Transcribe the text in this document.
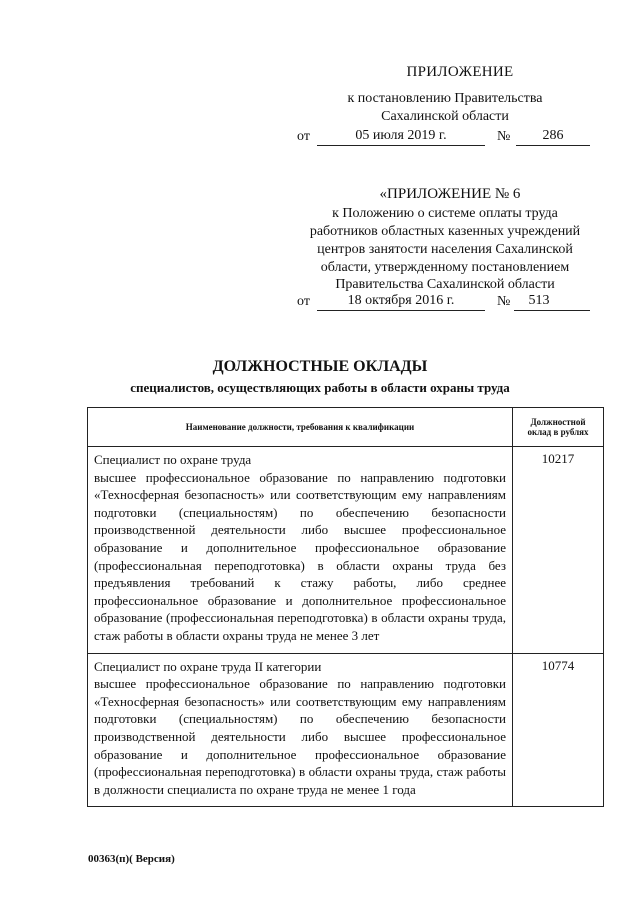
ПРИЛОЖЕНИЕ
к постановлению Правительства
Сахалинской области
от	05 июля 2019 г.	№	286
«ПРИЛОЖЕНИЕ № 6
к Положению о системе оплаты труда
работников областных казенных учреждений
центров занятости населения Сахалинской
области, утвержденному постановлением
Правительства Сахалинской области
от	18 октября 2016 г.	№	513
ДОЛЖНОСТНЫЕ ОКЛАДЫ
специалистов, осуществляющих работы в области охраны труда
Наименование должности, требования к квалификации	Должностной
оклад в рублях

Специалист по охране труда
высшее профессиональное образование по направлению подготовки «Техносферная безопасность» или соответствующим ему направлениям подготовки (специальностям) по обеспечению безопасности производственной деятельности либо высшее профессиональное образование и дополнительное профессиональное образование (профессиональная переподготовка) в области охраны труда без предъявления требований к стажу работы, либо среднее профессиональное образование и дополнительное профессиональное образование (профессиональная переподготовка) в области охраны труда, стаж работы в области охраны труда не менее 3 лет	10217

Специалист по охране труда II категории
высшее профессиональное образование по направлению подготовки «Техносферная безопасность» или соответствующим ему направлениям подготовки (специальностям) по обеспечению безопасности производственной деятельности либо высшее профессиональное образование и дополнительное профессиональное образование (профессиональная переподготовка) в области охраны труда, стаж работы в должности специалиста по охране труда не менее 1 года	10774
00363(п)( Версия)
